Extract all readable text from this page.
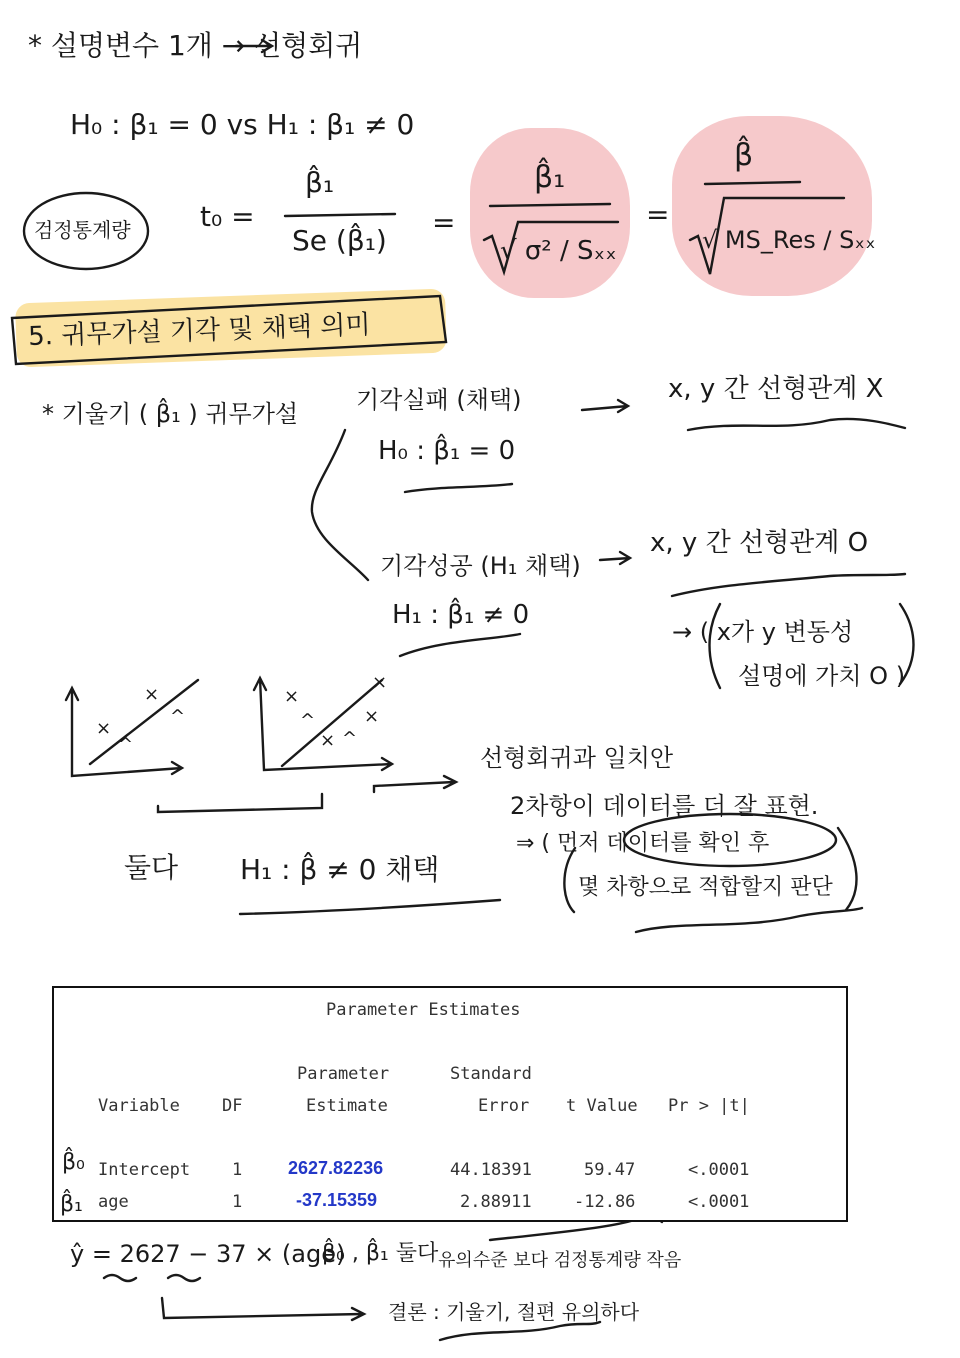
×
×
^
^
×
×
×
^
^
×
* 설명변수 1개 → 선형회귀
H₀ : β₁ = 0 vs H₁ : β₁ ≠ 0
검정통계량 t₀ =
β̂₁
Se (β̂₁)
=
β̂₁
√ σ² / Sₓₓ
=
β̂
√ MS_Res / Sₓₓ
5. 귀무가설 기각 및 채택 의미
* 기울기 ( β̂₁ ) 귀무가설 기각실패 (채택)
H₀ : β̂₁ = 0
x, y 간 선형관계 X
기각성공 (H₁ 채택)
H₁ : β̂₁ ≠ 0
x, y 간 선형관계 O
→ ( x가 y 변동성
설명에 가치 O )
선형회귀과 일치안
2차항이 데이터를 더 잘 표현.
둘다 H₁ : β̂ ≠ 0 채택
⇒ ( 먼저 데이터를 확인 후
몇 차항으로 적합할지 판단
Parameter Estimates
Parameter	Standard
Variable DF	Estimate	Error t Value Pr > |t|
Intercept 1	2627.82236	44.18391	59.47	<.0001
age	1	-37.15359	2.88911 -12.86	<.0001
β̂₀
β̂₁
ŷ = 2627 − 37 × (age)
β̂₀ , β̂₁ 둘다 유의수준 보다 검정통계량 작음
결론 : 기울기, 절편 유의하다
